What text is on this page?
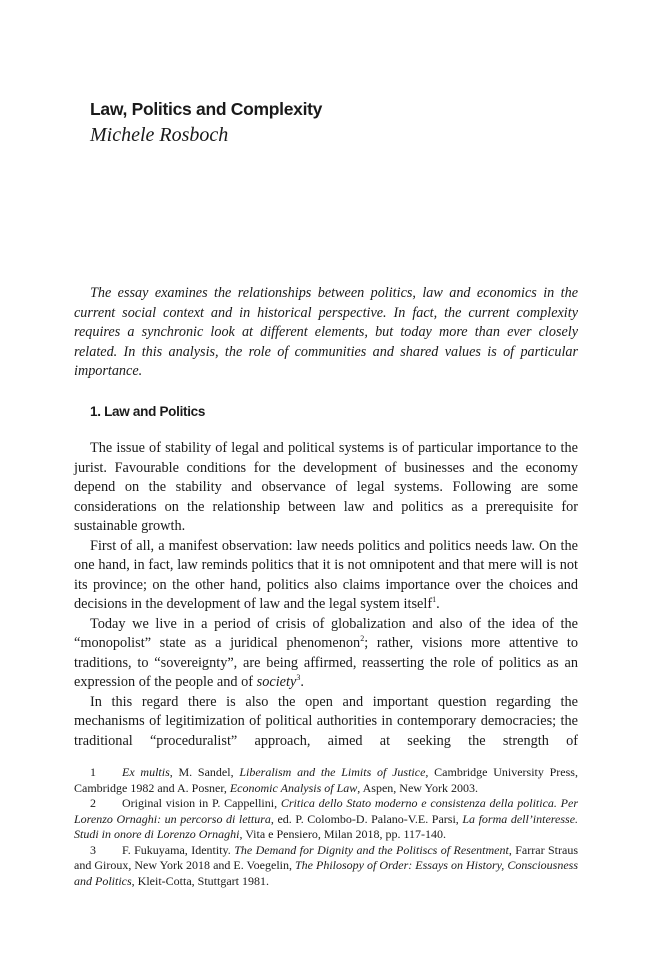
Law, Politics and Complexity
Michele Rosboch

The essay examines the relationships between politics, law and economics in the current social context and in historical perspective. In fact, the current complexity requires a synchronic look at different elements, but today more than ever closely related. In this analysis, the role of communities and shared values is of particular importance.

1. Law and Politics

The issue of stability of legal and political systems is of particular importance to the jurist. Favourable conditions for the development of businesses and the economy depend on the stability and observance of legal systems. Following are some considerations on the relationship between law and politics as a prerequisite for sustainable growth.

First of all, a manifest observation: law needs politics and politics needs law. On the one hand, in fact, law reminds politics that it is not omnipotent and that mere will is not its province; on the other hand, politics also claims importance over the choices and decisions in the development of law and the legal system itself$^1$.

Today we live in a period of crisis of globalization and also of the idea of the “monopolist” state as a juridical phenomenon$^2$; rather, visions more attentive to traditions, to “sovereignty”, are being affirmed, reasserting the role of politics as an expression of the people and of society$^3$.

In this regard there is also the open and important question regarding the mechanisms of legitimization of political authorities in contemporary democracies; the traditional “proceduralist” approach, aimed at seeking the strength of

1 Ex multis, M. Sandel, Liberalism and the Limits of Justice, Cambridge University Press, Cambridge 1982 and A. Posner, Economic Analysis of Law, Aspen, New York 2003.

2 Original vision in P. Cappellini, Critica dello Stato moderno e consistenza della politica. Per Lorenzo Ornaghi: un percorso di lettura, ed. P. Colombo-D. Palano-V.E. Parsi, La forma dell’interesse. Studi in onore di Lorenzo Ornaghi, Vita e Pensiero, Milan 2018, pp. 117-140.

3 F. Fukuyama, Identity. The Demand for Dignity and the Politiscs of Resentment, Farrar Straus and Giroux, New York 2018 and E. Voegelin, The Philosopy of Order: Essays on History, Consciousness and Politics, Kleit-Cotta, Stuttgart 1981.
